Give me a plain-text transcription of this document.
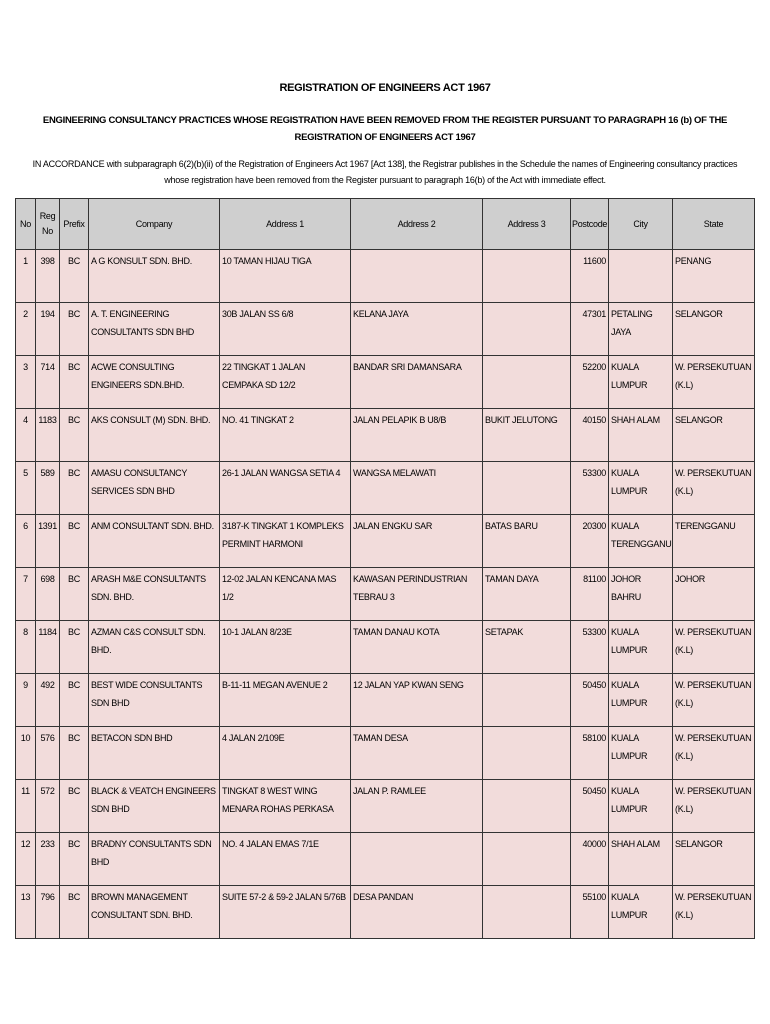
REGISTRATION OF ENGINEERS ACT 1967
ENGINEERING CONSULTANCY PRACTICES WHOSE REGISTRATION HAVE BEEN REMOVED FROM THE REGISTER PURSUANT TO PARAGRAPH 16 (b) OF THE REGISTRATION OF ENGINEERS ACT 1967
IN ACCORDANCE with subparagraph 6(2)(b)(ii) of the Registration of Engineers Act 1967 [Act 138], the Registrar publishes in the Schedule the names of Engineering consultancy practices whose registration have been removed from the Register pursuant to paragraph 16(b) of the Act with immediate effect.
No	Reg No	Prefix	Company	Address 1	Address 2	Address 3	Postcode	City	State
1	398	BC	A G KONSULT SDN. BHD.	10 TAMAN HIJAU TIGA			11600		PENANG
2	194	BC	A. T. ENGINEERING CONSULTANTS SDN BHD	30B JALAN SS 6/8	KELANA JAYA		47301	PETALING JAYA	SELANGOR
3	714	BC	ACWE CONSULTING ENGINEERS SDN.BHD.	22 TINGKAT 1 JALAN CEMPAKA SD 12/2	BANDAR SRI DAMANSARA		52200	KUALA LUMPUR	W. PERSEKUTUAN (K.L)
4	1183	BC	AKS CONSULT (M) SDN. BHD.	NO. 41 TINGKAT 2	JALAN PELAPIK B U8/B	BUKIT JELUTONG	40150	SHAH ALAM	SELANGOR
5	589	BC	AMASU CONSULTANCY SERVICES SDN BHD	26-1 JALAN WANGSA SETIA 4	WANGSA MELAWATI		53300	KUALA LUMPUR	W. PERSEKUTUAN (K.L)
6	1391	BC	ANM CONSULTANT SDN. BHD.	3187-K TINGKAT 1 KOMPLEKS PERMINT HARMONI	JALAN ENGKU SAR	BATAS BARU	20300	KUALA TERENGGANU	TERENGGANU
7	698	BC	ARASH M&E CONSULTANTS SDN. BHD.	12-02 JALAN KENCANA MAS 1/2	KAWASAN PERINDUSTRIAN TEBRAU 3	TAMAN DAYA	81100	JOHOR BAHRU	JOHOR
8	1184	BC	AZMAN C&S CONSULT SDN. BHD.	10-1 JALAN 8/23E	TAMAN DANAU KOTA	SETAPAK	53300	KUALA LUMPUR	W. PERSEKUTUAN (K.L)
9	492	BC	BEST WIDE CONSULTANTS SDN BHD	B-11-11 MEGAN AVENUE 2	12 JALAN YAP KWAN SENG		50450	KUALA LUMPUR	W. PERSEKUTUAN (K.L)
10	576	BC	BETACON SDN BHD	4 JALAN 2/109E	TAMAN DESA		58100	KUALA LUMPUR	W. PERSEKUTUAN (K.L)
11	572	BC	BLACK & VEATCH ENGINEERS SDN BHD	TINGKAT 8 WEST WING MENARA ROHAS PERKASA	JALAN P. RAMLEE		50450	KUALA LUMPUR	W. PERSEKUTUAN (K.L)
12	233	BC	BRADNY CONSULTANTS SDN BHD	NO. 4 JALAN EMAS 7/1E			40000	SHAH ALAM	SELANGOR
13	796	BC	BROWN MANAGEMENT CONSULTANT SDN. BHD.	SUITE 57-2 & 59-2 JALAN 5/76B	DESA PANDAN		55100	KUALA LUMPUR	W. PERSEKUTUAN (K.L)
